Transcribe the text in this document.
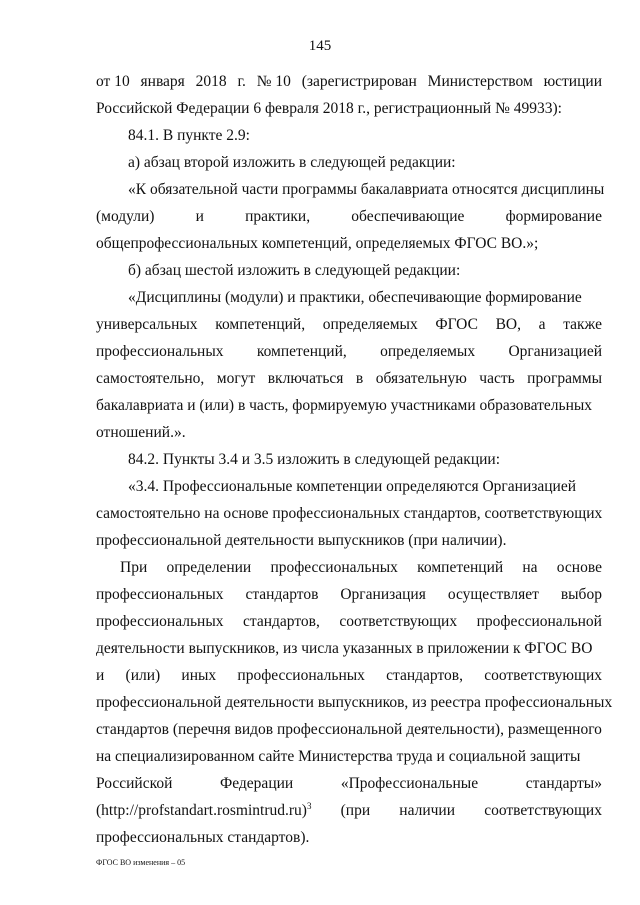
145
от 10 января 2018 г. № 10 (зарегистрирован Министерством юстиции
Российской Федерации 6 февраля 2018 г., регистрационный № 49933):
84.1. В пункте 2.9:
а) абзац второй изложить в следующей редакции:
«К обязательной части программы бакалавриата относятся дисциплины
(модули)	и	практики,	обеспечивающие	формирование
общепрофессиональных компетенций, определяемых ФГОС ВО.»;
б) абзац шестой изложить в следующей редакции:
«Дисциплины (модули) и практики, обеспечивающие формирование
универсальных компетенций, определяемых ФГОС ВО, а также
профессиональных компетенций, определяемых Организацией
самостоятельно, могут включаться в обязательную часть программы
бакалавриата и (или) в часть, формируемую участниками образовательных
отношений.».
84.2. Пункты 3.4 и 3.5 изложить в следующей редакции:
«3.4. Профессиональные компетенции определяются Организацией
самостоятельно на основе профессиональных стандартов, соответствующих
профессиональной деятельности выпускников (при наличии).
При определении профессиональных компетенций на основе
профессиональных стандартов Организация осуществляет выбор
профессиональных стандартов, соответствующих профессиональной
деятельности выпускников, из числа указанных в приложении к ФГОС ВО
и (или) иных профессиональных стандартов, соответствующих
профессиональной деятельности выпускников, из реестра профессиональных
стандартов (перечня видов профессиональной деятельности), размещенного
на специализированном сайте Министерства труда и социальной защиты
Российской	Федерации	«Профессиональные	стандарты»
(http://profstandart.rosmintrud.ru)$^3$ (при наличии соответствующих
профессиональных стандартов).
ФГОС ВО изменения – 05
